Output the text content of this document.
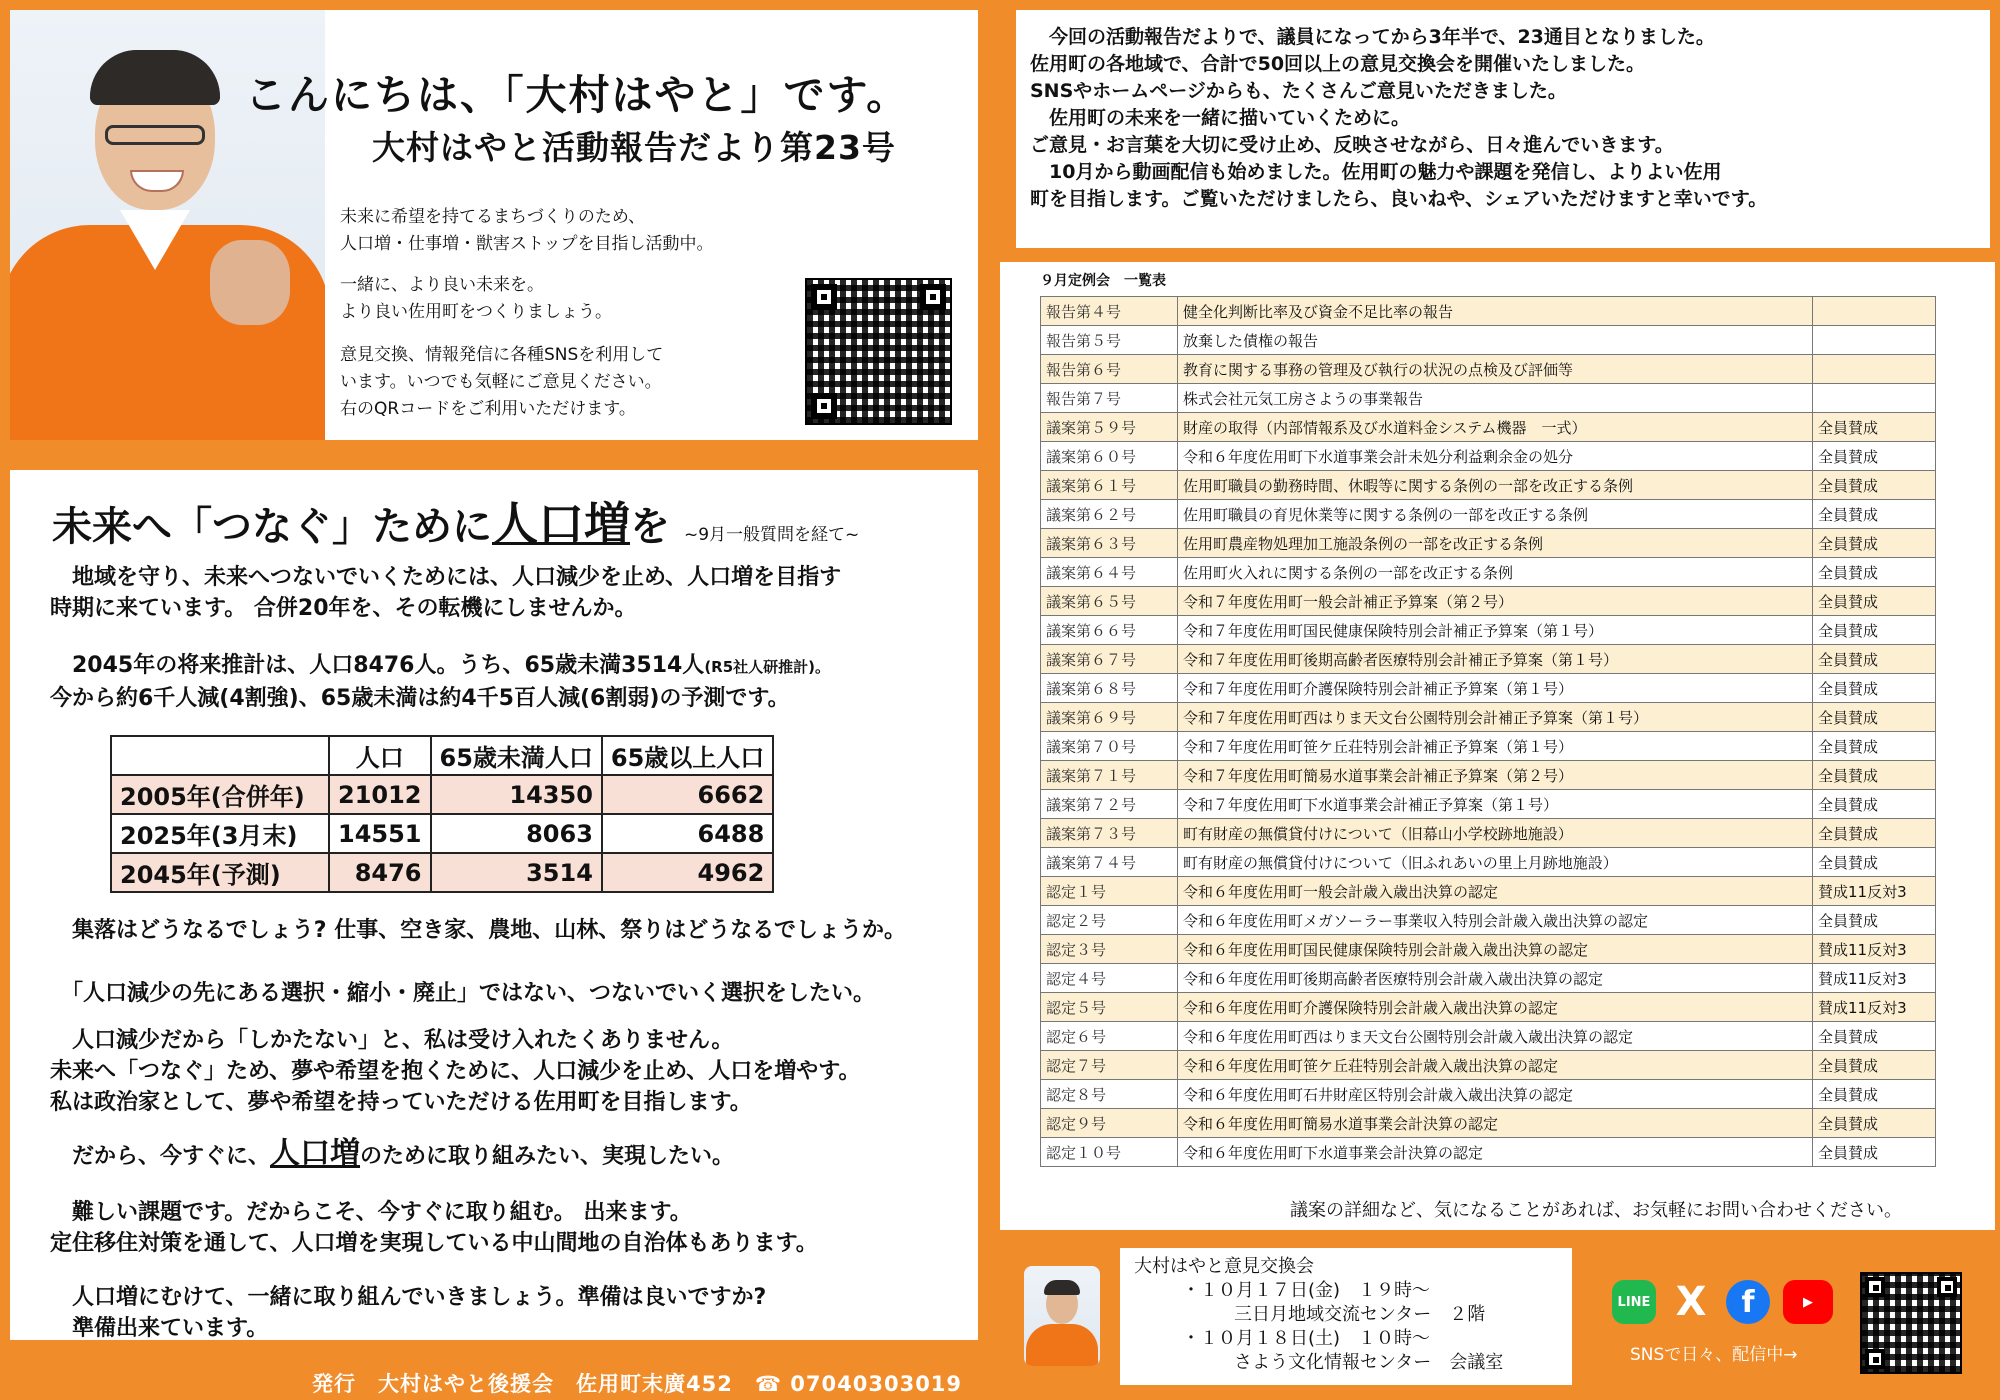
こんにちは、「大村はやと」です。
大村はやと活動報告だより第23号

未来に希望を持てるまちづくりのため、
人口増・仕事増・獣害ストップを目指し活動中。

一緒に、より良い未来を。
より良い佐用町をつくりましょう。

意見交換、情報発信に各種SNSを利用して
います。いつでも気軽にご意見ください。
右のQRコードをご利用いただけます。

未来へ「つなぐ」ために人口増を ~9月一般質問を経て~

　地域を守り、未来へつないでいくためには、人口減少を止め、人口増を目指す
時期に来ています。 合併20年を、その転機にしませんか。

　2045年の将来推計は、人口8476人。うち、65歳未満3514人(R5社人研推計)。
今から約6千人減(4割強)、65歳未満は約4千5百人減(6割弱)の予測です。

	人口	65歳未満人口	65歳以上人口
2005年(合併年)	21012	14350	6662
2025年(3月末)	14551	8063	6488
2045年(予測)	8476	3514	4962

　集落はどうなるでしょう? 仕事、空き家、農地、山林、祭りはどうなるでしょうか。

　「人口減少の先にある選択・縮小・廃止」ではない、つないでいく選択をしたい。

　人口減少だから「しかたない」と、私は受け入れたくありません。
未来へ「つなぐ」ため、夢や希望を抱くために、人口減少を止め、人口を増やす。
私は政治家として、夢や希望を持っていただける佐用町を目指します。

　だから、今すぐに、人口増のために取り組みたい、実現したい。

　難しい課題です。だからこそ、今すぐに取り組む。 出来ます。
定住移住対策を通して、人口増を実現している中山間地の自治体もあります。

　人口増にむけて、一緒に取り組んでいきましょう。準備は良いですか?
　準備出来ています。

　今回の活動報告だよりで、議員になってから3年半で、23通目となりました。
佐用町の各地域で、合計で50回以上の意見交換会を開催いたしました。
SNSやホームページからも、たくさんご意見いただきました。
　佐用町の未来を一緒に描いていくために。
ご意見・お言葉を大切に受け止め、反映させながら、日々進んでいきます。
　10月から動画配信も始めました。佐用町の魅力や課題を発信し、よりよい佐用
町を目指します。ご覧いただけましたら、良いねや、シェアいただけますと幸いです。

９月定例会　一覧表

報告第４号	健全化判断比率及び資金不足比率の報告	
報告第５号	放棄した債権の報告	
報告第６号	教育に関する事務の管理及び執行の状況の点検及び評価等	
報告第７号	株式会社元気工房さようの事業報告	
議案第５９号	財産の取得（内部情報系及び水道料金システム機器　一式）	全員賛成
議案第６０号	令和６年度佐用町下水道事業会計未処分利益剰余金の処分	全員賛成
議案第６１号	佐用町職員の勤務時間、休暇等に関する条例の一部を改正する条例	全員賛成
議案第６２号	佐用町職員の育児休業等に関する条例の一部を改正する条例	全員賛成
議案第６３号	佐用町農産物処理加工施設条例の一部を改正する条例	全員賛成
議案第６４号	佐用町火入れに関する条例の一部を改正する条例	全員賛成
議案第６５号	令和７年度佐用町一般会計補正予算案（第２号）	全員賛成
議案第６６号	令和７年度佐用町国民健康保険特別会計補正予算案（第１号）	全員賛成
議案第６７号	令和７年度佐用町後期高齢者医療特別会計補正予算案（第１号）	全員賛成
議案第６８号	令和７年度佐用町介護保険特別会計補正予算案（第１号）	全員賛成
議案第６９号	令和７年度佐用町西はりま天文台公園特別会計補正予算案（第１号）	全員賛成
議案第７０号	令和７年度佐用町笹ケ丘荘特別会計補正予算案（第１号）	全員賛成
議案第７１号	令和７年度佐用町簡易水道事業会計補正予算案（第２号）	全員賛成
議案第７２号	令和７年度佐用町下水道事業会計補正予算案（第１号）	全員賛成
議案第７３号	町有財産の無償貸付けについて（旧幕山小学校跡地施設）	全員賛成
議案第７４号	町有財産の無償貸付けについて（旧ふれあいの里上月跡地施設）	全員賛成
認定１号	令和６年度佐用町一般会計歳入歳出決算の認定	賛成11反対3
認定２号	令和６年度佐用町メガソーラー事業収入特別会計歳入歳出決算の認定	全員賛成
認定３号	令和６年度佐用町国民健康保険特別会計歳入歳出決算の認定	賛成11反対3
認定４号	令和６年度佐用町後期高齢者医療特別会計歳入歳出決算の認定	賛成11反対3
認定５号	令和６年度佐用町介護保険特別会計歳入歳出決算の認定	賛成11反対3
認定６号	令和６年度佐用町西はりま天文台公園特別会計歳入歳出決算の認定	全員賛成
認定７号	令和６年度佐用町笹ケ丘荘特別会計歳入歳出決算の認定	全員賛成
認定８号	令和６年度佐用町石井財産区特別会計歳入歳出決算の認定	全員賛成
認定９号	令和６年度佐用町簡易水道事業会計決算の認定	全員賛成
認定１０号	令和６年度佐用町下水道事業会計決算の認定	全員賛成

議案の詳細など、気になることがあれば、お気軽にお問い合わせください。

大村はやと意見交換会

・１０月１７日(金)　１９時～

三日月地域交流センター　２階

・１０月１８日(土)　１０時～

さよう文化情報センター　会議室

LINE X	f	▶

SNSで日々、配信中→

発行　大村はやと後援会　佐用町末廣452　☎ 07040303019
